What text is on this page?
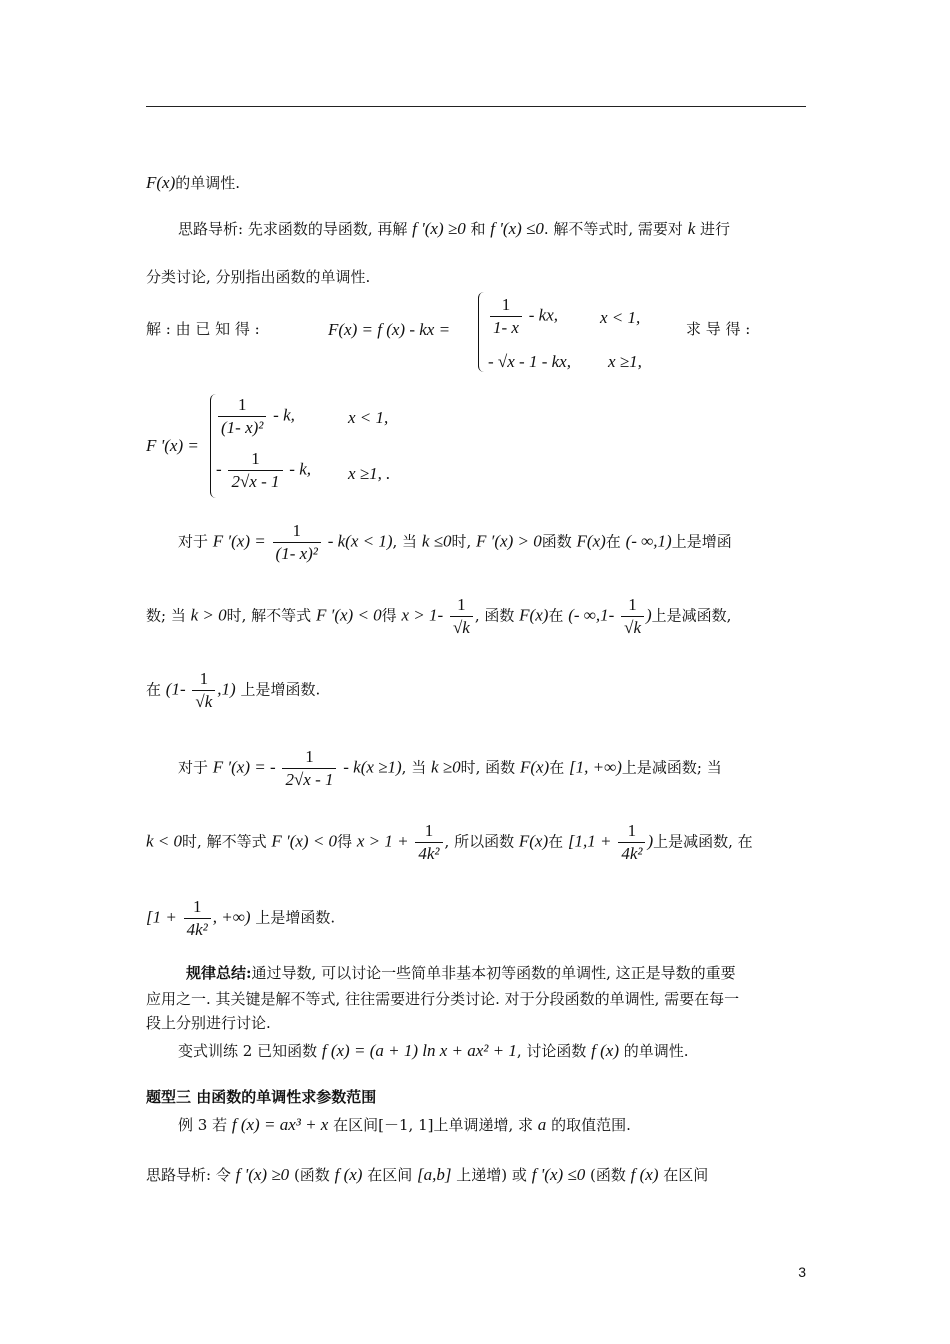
F(x)的单调性.
思路导析: 先求函数的导函数, 再解 f '(x) ≥0 和 f '(x) ≤0. 解不等式时, 需要对 k 进行
分类讨论, 分别指出函数的单调性.
解 : 由 已 知 得 :	F(x) = f (x) - kx = $\frac{1}{1- x}$ - kx, x < 1,
- √x - 1 - kx, x ≥1,
求 导 得 :
F '(x) =
$\frac{1}{\text{(1- x)²}}$ - k,	x < 1,
- $\frac{1}{2√x - 1}$ - k, x ≥1, .
对于 F $'(x) = \frac{1}{\text{(1- x)²}} - k(x < 1)$, 当 k ≤0时, F ′(x) > 0函数 F(x)在 (- ∞,1)上是增函
数; 当 k > 0时, 解不等式 F ′(x) < 0得 $x > 1- \frac{1}{√k}$ , 函数 F(x)在 (- $\infty,1- \frac{1}{√k}$ )上是减函数,
在 $(1- \frac{1}{√k} ,1)$ 上是增函数.
对于 F ′(x) = - $\frac{1}{2√x - 1} - k(x \ge 1)$, 当 k ≥0时, 函数 F(x)在 [1, +∞)上是减函数; 当
k < 0时, 解不等式 F ′(x) < 0得 $x > 1 + \frac{1}{\text{4k²}}$ , 所以函数 F(x)在 [$1,1 + \frac{1}{\text{4k²}}$ )上是减函数, 在
[$1 + \frac{1}{\text{4k²}}$ , +∞) 上是增函数.
规律总结:通过导数, 可以讨论一些简单非基本初等函数的单调性, 这正是导数的重要
应用之一. 其关键是解不等式, 往往需要进行分类讨论. 对于分段函数的单调性, 需要在每一
段上分别进行讨论.
变式训练 2 已知函数 f (x) = (a + 1) ln x + ax² + 1, 讨论函数 f (x) 的单调性.
题型三 由函数的单调性求参数范围
例 3 若 f (x) = ax³ + x 在区间[－1, 1]上单调递增, 求 a 的取值范围.
思路导析: 令 f '(x) ≥0 (函数 f (x) 在区间 [a,b] 上递增) 或 f '(x) ≤0 (函数 f (x) 在区间
3
